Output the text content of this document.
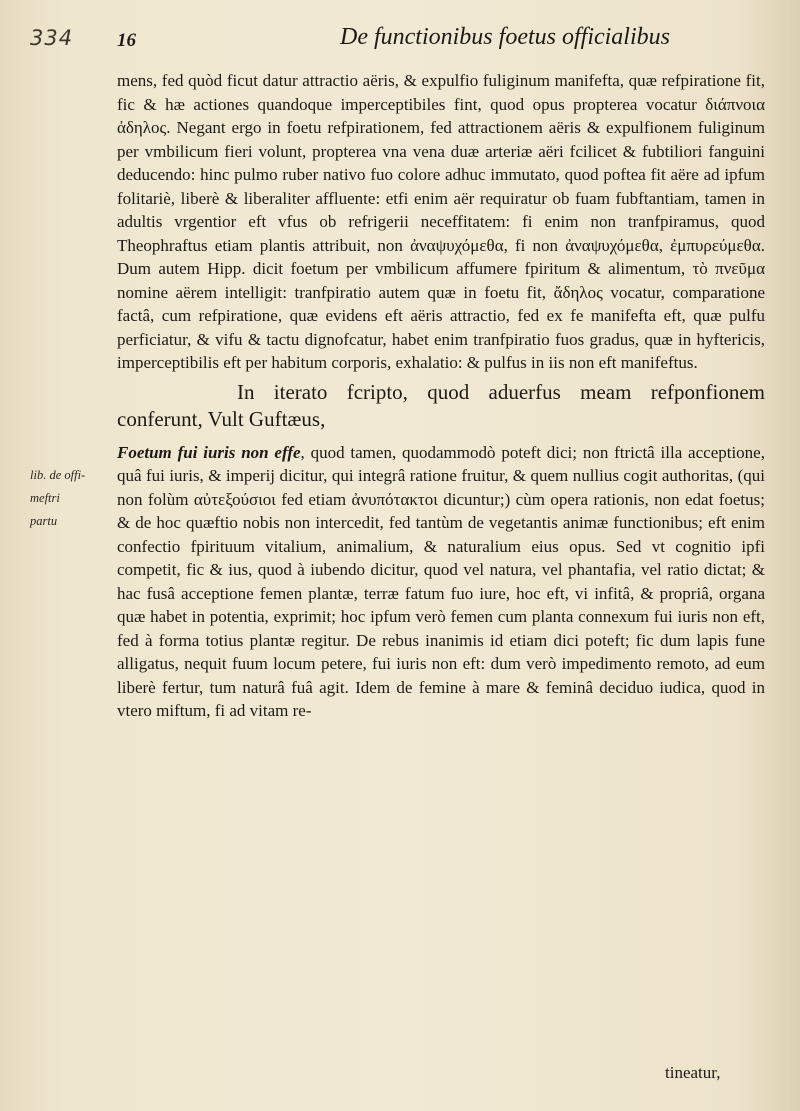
334 16	De functionibus foetus officialibus
lib. de offi-
meftri partu

mens, fed quòd ficut datur attractio aëris, & expulfio fuliginum manifefta, quæ refpiratione fit, fic & hæ actiones quandoque imperceptibiles fint, quod opus propterea vocatur διάπνοια ἀδηλος. Negant ergo in foetu refpirationem, fed attractionem aëris & expulfionem fuliginum per vmbilicum fieri volunt, propterea vna vena duæ arteriæ aëri fcilicet & fubtiliori fanguini deducendo: hinc pulmo ruber nativo fuo colore adhuc immutato, quod poftea fit aëre ad ipfum folitariè, liberè & liberaliter affluente: etfi enim aër requiratur ob fuam fubftantiam, tamen in adultis vrgentior eft vfus ob refrigerii neceffitatem: fi enim non tranfpiramus, quod Theophraftus etiam plantis attribuit, non ἀναψυχόμεθα, fi non ἀναψυχόμεθα, ἐμπυρεύμεθα. Dum autem Hipp. dicit foetum per vmbilicum affumere fpiritum & alimentum, τὸ πνεῦμα nomine aërem intelligit: tranfpiratio autem quæ in foetu fit, ἄδηλος vocatur, comparatione factâ, cum refpiratione, quæ evidens eft aëris attractio, fed ex fe manifefta eft, quæ pulfu perficiatur, & vifu & tactu dignofcatur, habet enim tranfpiratio fuos gradus, quæ in hyftericis, imperceptibilis eft per habitum corporis, exhalatio: & pulfus in iis non eft manifeftus.

In iterato fcripto, quod aduerfus meam refponfionem conferunt, Vult Guftæus,

Foetum fui iuris non effe, quod tamen, quodammodò poteft dici; non ftrictâ illa acceptione, quâ fui iuris, & imperij dicitur, qui integrâ ratione fruitur, & quem nullius cogit authoritas, (qui non folùm αὐτεξούσιοι fed etiam ἀνυπότακτοι dicuntur;) cùm opera rationis, non edat foetus; & de hoc quæftio nobis non intercedit, fed tantùm de vegetantis animæ functionibus; eft enim confectio fpirituum vitalium, animalium, & naturalium eius opus. Sed vt cognitio ipfi competit, fic & ius, quod à iubendo dicitur, quod vel natura, vel phantafia, vel ratio dictat; & hac fusâ acceptione femen plantæ, terræ fatum fuo iure, hoc eft, vi infitâ, & propriâ, organa quæ habet in potentia, exprimit; hoc ipfum verò femen cum planta connexum fui iuris non eft, fed à forma totius plantæ regitur. De rebus inanimis id etiam dici poteft; fic dum lapis fune alligatus, nequit fuum locum petere, fui iuris non eft: dum verò impedimento remoto, ad eum liberè fertur, tum naturâ fuâ agit. Idem de femine à mare & feminâ deciduo iudica, quod in vtero miftum, fi ad vitam re-

tineatur,
